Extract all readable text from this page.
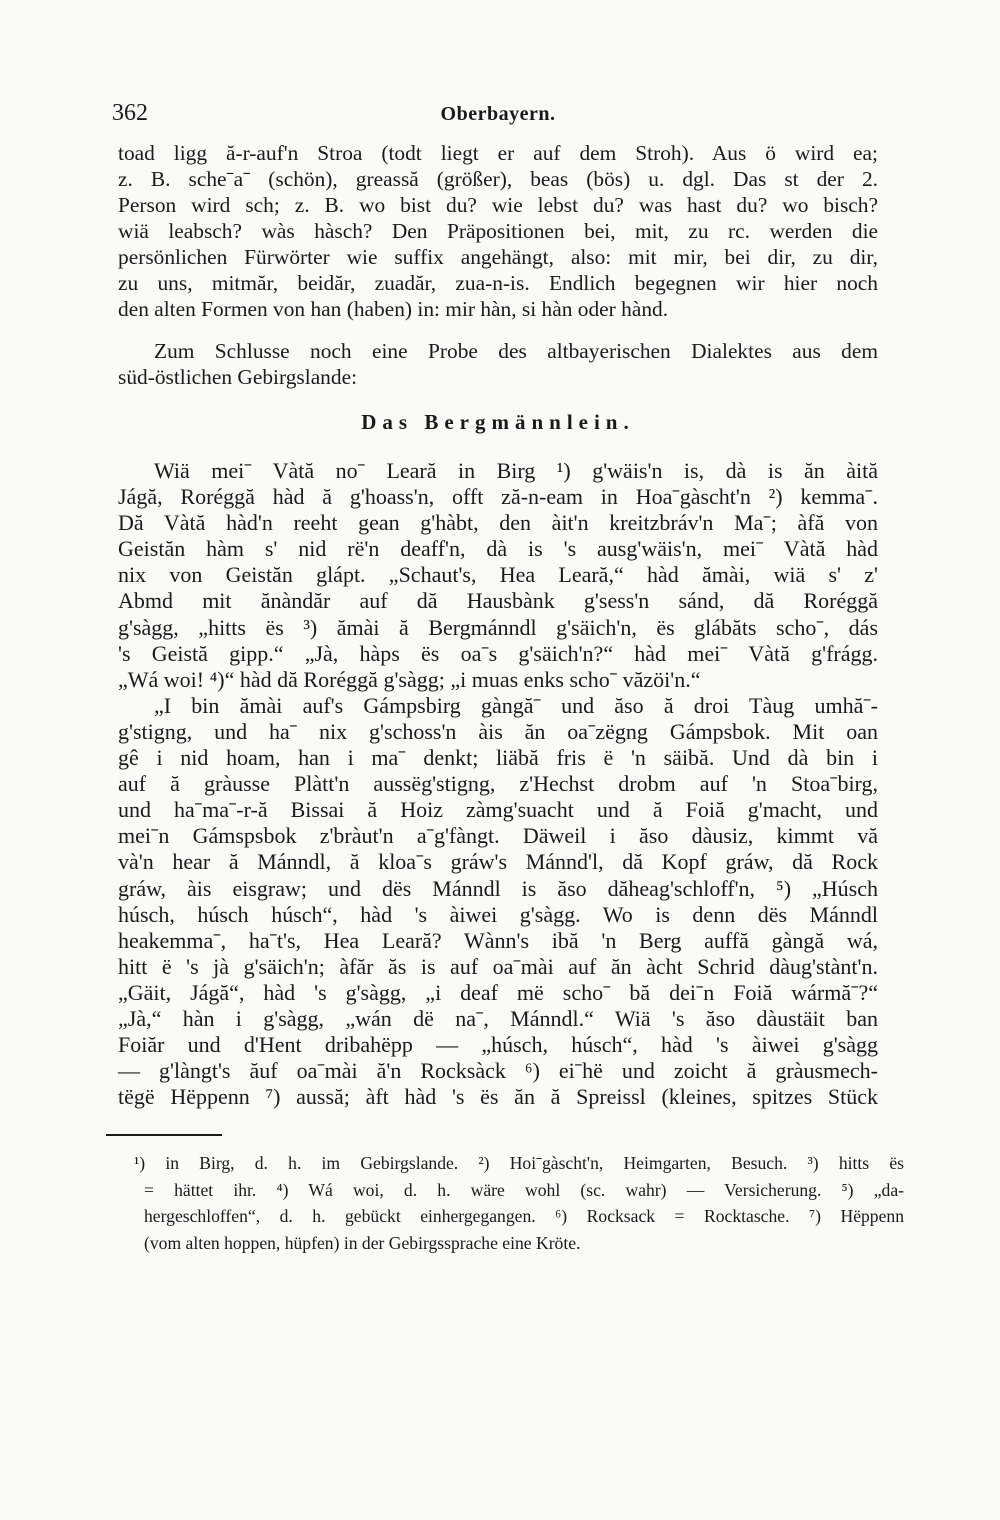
362	Oberbayern.
toad ligg ă-r-auf'n Stroa (todt liegt er auf dem Stroh). Aus ö wird ea;
z. B. scheˉaˉ (schön), greassă (größer), beas (bös) u. dgl. Das st der 2.
Person wird sch; z. B. wo bist du? wie lebst du? was hast du? wo bisch?
wiä leabsch? wàs hàsch? Den Präpositionen bei, mit, zu rc. werden die
persönlichen Fürwörter wie suffix angehängt, also: mit mir, bei dir, zu dir,
zu uns, mitmăr, beidăr, zuadăr, zua-n-is. Endlich begegnen wir hier noch
den alten Formen von han (haben) in: mir hàn, si hàn oder hànd.
Zum Schlusse noch eine Probe des altbayerischen Dialektes aus dem
süd-östlichen Gebirgslande:
Das Bergmännlein.
Wiä meiˉ Vàtă noˉ Leară in Birg ¹) g'wäis'n is, dà is ăn àită
Jágă, Roréggă hàd ă g'hoass'n, offt ză-n-eam in Hoaˉgàscht'n ²) kemmaˉ.
Dă Vàtă hàd'n reeht gean g'hàbt, den àit'n kreitzbráv'n Maˉ; àfă von
Geistăn hàm s' nid rë'n deaff'n, dà is 's ausg'wäis'n, meiˉ Vàtă hàd
nix von Geistăn glápt. „Schaut's, Hea Leară,“ hàd ămài, wiä s' z'
Abmd mit ănàndăr auf dă Hausbànk g'sess'n sánd, dă Roréggă
g'sàgg, „hitts ës ³) ămài ă Bergmánndl g'säich'n, ës glábăts schoˉ, dás
's Geistă gipp.“ „Jà, hàps ës oaˉs g'säich'n?“ hàd meiˉ Vàtă g'frágg.
„Wá woi! ⁴)“ hàd dă Roréggă g'sàgg; „i muas enks schoˉ văzöi'n.“
„I bin ămài auf's Gámpsbirg gàngăˉ und ăso ă droi Tàug umhăˉ-
g'stigng, und haˉ nix g'schoss'n àis ăn oaˉzëgng Gámpsbok. Mit oan
gê i nid hoam, han i maˉ denkt; liäbă fris ë 'n säibă. Und dà bin i
auf ă gràusse Plàtt'n aussëg'stigng, z'Hechst drobm auf 'n Stoaˉbirg,
und haˉmaˉ-r-ă Bissai ă Hoiz zàmg'suacht und ă Foiă g'macht, und
meiˉn Gámspsbok z'bràut'n aˉg'fàngt. Däweil i ăso dàusiz, kimmt vă
và'n hear ă Mánndl, ă kloaˉs gráw's Mánnd'l, dă Kopf gráw, dă Rock
gráw, àis eisgraw; und dës Mánndl is ăso dăheag'schloff'n, ⁵) „Húsch
húsch, húsch húsch“, hàd 's àiwei g'sàgg. Wo is denn dës Mánndl
heakemmaˉ, haˉt's, Hea Leară? Wànn's ibă 'n Berg auffă gàngă wá,
hitt ë 's jà g'säich'n; àfăr ăs is auf oaˉmài auf ăn àcht Schrid dàug'stànt'n.
„Gäit, Jágă“, hàd 's g'sàgg, „i deaf më schoˉ bă deiˉn Foiă wármăˉ?“
„Jà,“ hàn i g'sàgg, „wán dë naˉ, Mánndl.“ Wiä 's ăso dàustäit ban
Foiăr und d'Hent dribahëpp — „húsch, húsch“, hàd 's àiwei g'sàgg
— g'làngt's ăuf oaˉmài ă'n Rocksàck ⁶) eiˉhë und zoicht ă gràusmech-
tëgë Hëppenn ⁷) aussă; àft hàd 's ës ăn ă Spreissl (kleines, spitzes Stück
¹) in Birg, d. h. im Gebirgslande. ²) Hoiˉgàscht'n, Heimgarten, Besuch. ³) hitts ës
= hättet ihr. ⁴) Wá woi, d. h. wäre wohl (sc. wahr) — Versicherung. ⁵) „da-
hergeschloffen“, d. h. gebückt einhergegangen. ⁶) Rocksack = Rocktasche. ⁷) Hëppenn
(vom alten hoppen, hüpfen) in der Gebirgssprache eine Kröte.
